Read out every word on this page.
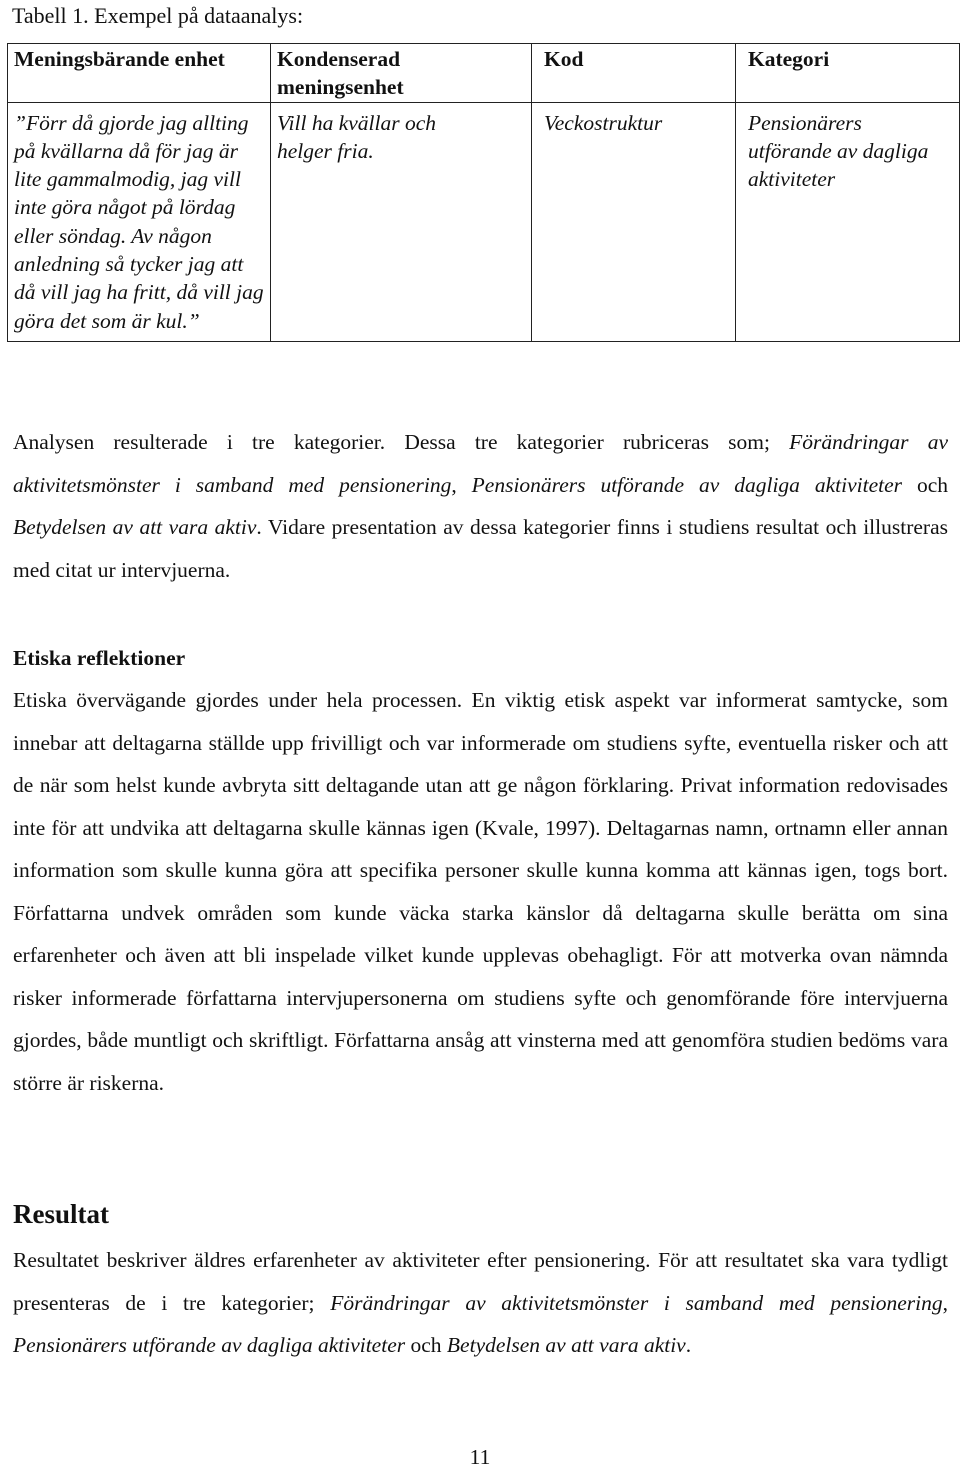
Tabell 1. Exempel på dataanalys:
Meningsbärande enhet	Kondenserad meningsenhet	Kod	Kategori
”Förr då gjorde jag allting på kvällarna då för jag är lite gammalmodig, jag vill inte göra något på lördag eller söndag. Av någon anledning så tycker jag att då vill jag ha fritt, då vill jag göra det som är kul.”	Vill ha kvällar och helger fria.	Veckostruktur	Pensionärers utförande av dagliga aktiviteter

Analysen resulterade i tre kategorier. Dessa tre kategorier rubriceras som; Förändringar av aktivitetsmönster i samband med pensionering, Pensionärers utförande av dagliga aktiviteter och Betydelsen av att vara aktiv. Vidare presentation av dessa kategorier finns i studiens resultat och illustreras med citat ur intervjuerna.

Etiska reflektioner

Etiska övervägande gjordes under hela processen. En viktig etisk aspekt var informerat samtycke, som innebar att deltagarna ställde upp frivilligt och var informerade om studiens syfte, eventuella risker och att de när som helst kunde avbryta sitt deltagande utan att ge någon förklaring. Privat information redovisades inte för att undvika att deltagarna skulle kännas igen (Kvale, 1997). Deltagarnas namn, ortnamn eller annan information som skulle kunna göra att specifika personer skulle kunna komma att kännas igen, togs bort. Författarna undvek områden som kunde väcka starka känslor då deltagarna skulle berätta om sina erfarenheter och även att bli inspelade vilket kunde upplevas obehagligt. För att motverka ovan nämnda risker informerade författarna intervjupersonerna om studiens syfte och genomförande före intervjuerna gjordes, både muntligt och skriftligt. Författarna ansåg att vinsterna med att genomföra studien bedöms vara större är riskerna.

Resultat

Resultatet beskriver äldres erfarenheter av aktiviteter efter pensionering. För att resultatet ska vara tydligt presenteras de i tre kategorier; Förändringar av aktivitetsmönster i samband med pensionering, Pensionärers utförande av dagliga aktiviteter och Betydelsen av att vara aktiv.

11
